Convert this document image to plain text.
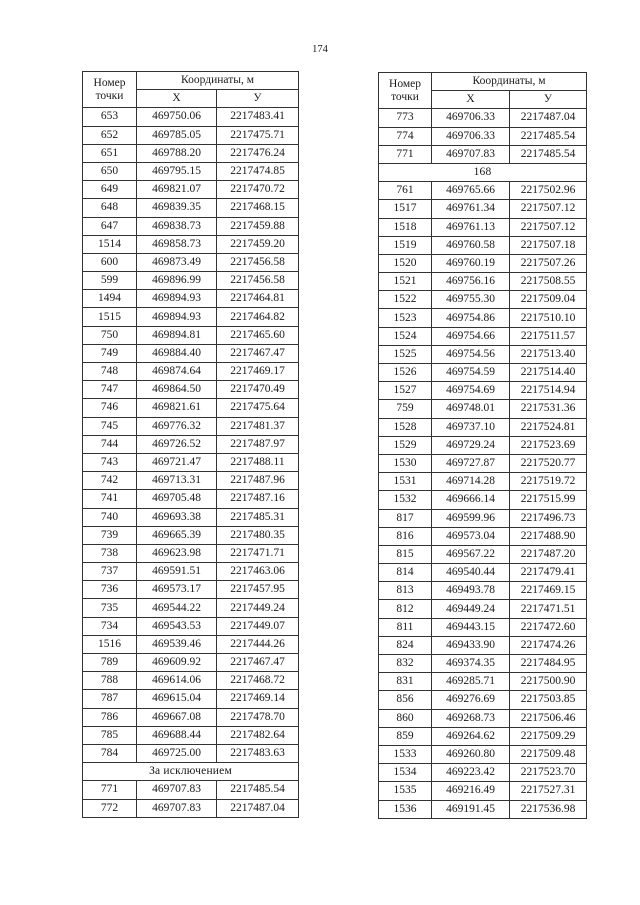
174
Номер точки	Координаты, м	
	X	У
653	469750.06	2217483.41
652	469785.05	2217475.71
651	469788.20	2217476.24
650	469795.15	2217474.85
649	469821.07	2217470.72
648	469839.35	2217468.15
647	469838.73	2217459.88
1514	469858.73	2217459.20
600	469873.49	2217456.58
599	469896.99	2217456.58
1494	469894.93	2217464.81
1515	469894.93	2217464.82
750	469894.81	2217465.60
749	469884.40	2217467.47
748	469874.64	2217469.17
747	469864.50	2217470.49
746	469821.61	2217475.64
745	469776.32	2217481.37
744	469726.52	2217487.97
743	469721.47	2217488.11
742	469713.31	2217487.96
741	469705.48	2217487.16
740	469693.38	2217485.31
739	469665.39	2217480.35
738	469623.98	2217471.71
737	469591.51	2217463.06
736	469573.17	2217457.95
735	469544.22	2217449.24
734	469543.53	2217449.07
1516	469539.46	2217444.26
789	469609.92	2217467.47
788	469614.06	2217468.72
787	469615.04	2217469.14
786	469667.08	2217478.70
785	469688.44	2217482.64
784	469725.00	2217483.63
За исключением		
771	469707.83	2217485.54
772	469707.83	2217487.04
Номер точки	Координаты, м	
	X	У
773	469706.33	2217487.04
774	469706.33	2217485.54
771	469707.83	2217485.54
168		
761	469765.66	2217502.96
1517	469761.34	2217507.12
1518	469761.13	2217507.12
1519	469760.58	2217507.18
1520	469760.19	2217507.26
1521	469756.16	2217508.55
1522	469755.30	2217509.04
1523	469754.86	2217510.10
1524	469754.66	2217511.57
1525	469754.56	2217513.40
1526	469754.59	2217514.40
1527	469754.69	2217514.94
759	469748.01	2217531.36
1528	469737.10	2217524.81
1529	469729.24	2217523.69
1530	469727.87	2217520.77
1531	469714.28	2217519.72
1532	469666.14	2217515.99
817	469599.96	2217496.73
816	469573.04	2217488.90
815	469567.22	2217487.20
814	469540.44	2217479.41
813	469493.78	2217469.15
812	469449.24	2217471.51
811	469443.15	2217472.60
824	469433.90	2217474.26
832	469374.35	2217484.95
831	469285.71	2217500.90
856	469276.69	2217503.85
860	469268.73	2217506.46
859	469264.62	2217509.29
1533	469260.80	2217509.48
1534	469223.42	2217523.70
1535	469216.49	2217527.31
1536	469191.45	2217536.98
